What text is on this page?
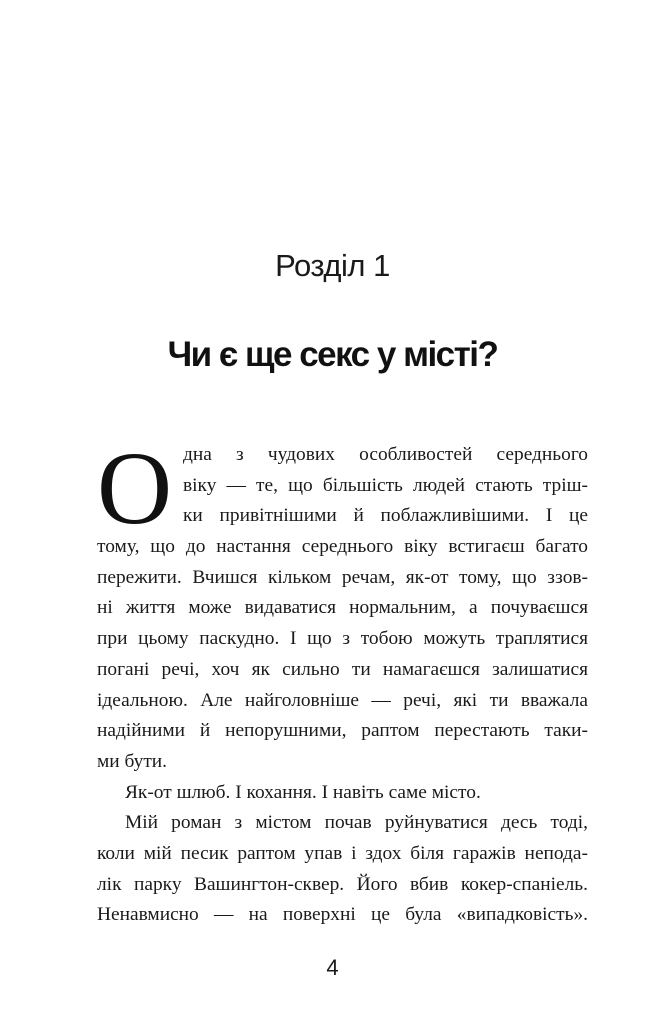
Розділ 1
Чи є ще секс у місті?
О дна з чудових особливостей середнього
віку — те, що більшість людей стають тріш-
ки привітнішими й поблажливішими. І це
тому, що до настання середнього віку встигаєш багато
пережити. Вчишся кільком речам, як-от тому, що ззов-
ні життя може видаватися нормальним, а почуваєшся
при цьому паскудно. І що з тобою можуть траплятися
погані речі, хоч як сильно ти намагаєшся залишатися
ідеальною. Але найголовніше — речі, які ти вважала
надійними й непорушними, раптом перестають таки-
ми бути.
Як-от шлюб. І кохання. І навіть саме місто.
Мій роман з містом почав руйнуватися десь тоді,
коли мій песик раптом упав і здох біля гаражів непода-
лік парку Вашингтон-сквер. Його вбив кокер-спаніель.
Ненавмисно — на поверхні це була «випадковість».
4
